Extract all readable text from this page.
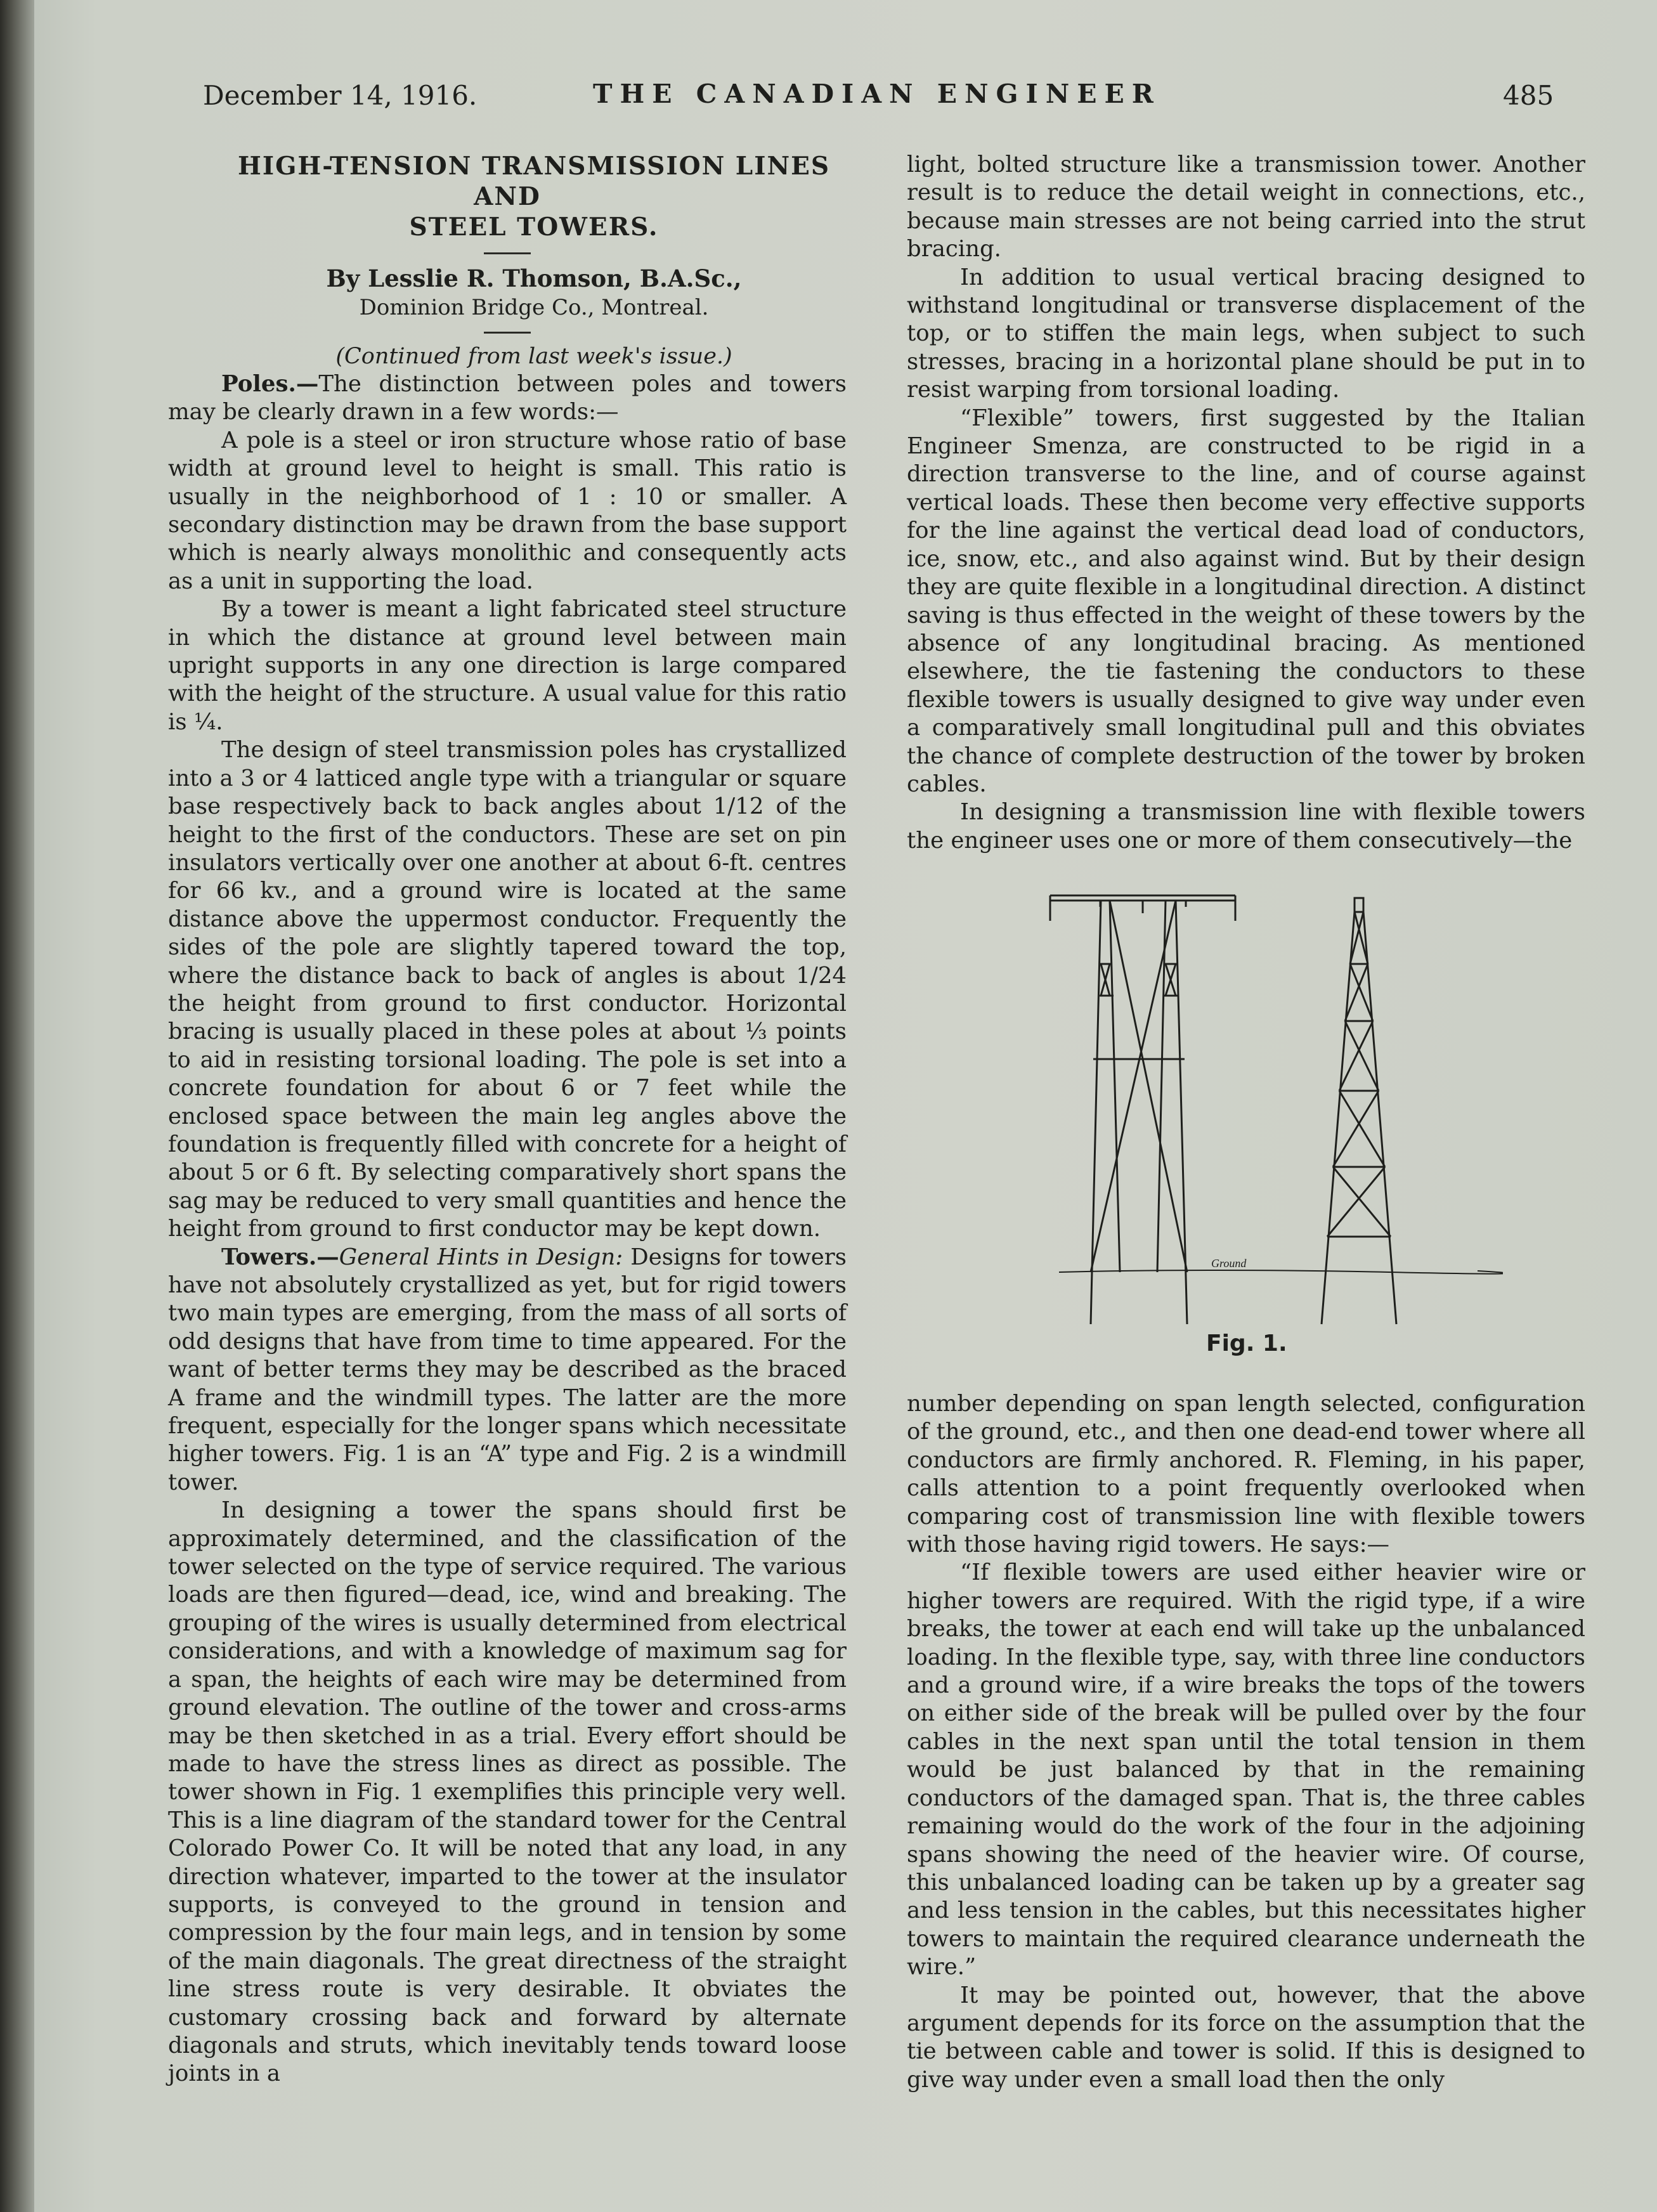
December 14, 1916.	THE CANADIAN ENGINEER	485

HIGH-TENSION TRANSMISSION LINES AND

STEEL TOWERS.

By Lesslie R. Thomson, B.A.Sc.,

Dominion Bridge Co., Montreal.

(Continued from last week's issue.)

Poles.—The distinction between poles and towers may be clearly drawn in a few words:—

A pole is a steel or iron structure whose ratio of base width at ground level to height is small. This ratio is usually in the neighborhood of 1 : 10 or smaller. A secondary distinction may be drawn from the base support which is nearly always monolithic and consequently acts as a unit in supporting the load.

By a tower is meant a light fabricated steel structure in which the distance at ground level between main upright supports in any one direction is large compared with the height of the structure. A usual value for this ratio is ¼.

The design of steel transmission poles has crystallized into a 3 or 4 latticed angle type with a triangular or square base respectively back to back angles about 1/12 of the height to the first of the conductors. These are set on pin insulators vertically over one another at about 6-ft. centres for 66 kv., and a ground wire is located at the same distance above the uppermost conductor. Frequently the sides of the pole are slightly tapered toward the top, where the distance back to back of angles is about 1/24 the height from ground to first conductor. Horizontal bracing is usually placed in these poles at about ⅓ points to aid in resisting torsional loading. The pole is set into a concrete foundation for about 6 or 7 feet while the enclosed space between the main leg angles above the foundation is frequently filled with concrete for a height of about 5 or 6 ft. By selecting comparatively short spans the sag may be reduced to very small quantities and hence the height from ground to first conductor may be kept down.

Towers.—General Hints in Design: Designs for towers have not absolutely crystallized as yet, but for rigid towers two main types are emerging, from the mass of all sorts of odd designs that have from time to time appeared. For the want of better terms they may be described as the braced A frame and the windmill types. The latter are the more frequent, especially for the longer spans which necessitate higher towers. Fig. 1 is an “A” type and Fig. 2 is a windmill tower.

In designing a tower the spans should first be approximately determined, and the classification of the tower selected on the type of service required. The various loads are then figured—dead, ice, wind and breaking. The grouping of the wires is usually determined from electrical considerations, and with a knowledge of maximum sag for a span, the heights of each wire may be determined from ground elevation. The outline of the tower and cross-arms may be then sketched in as a trial. Every effort should be made to have the stress lines as direct as possible. The tower shown in Fig. 1 exemplifies this principle very well. This is a line diagram of the standard tower for the Central Colorado Power Co. It will be noted that any load, in any direction whatever, imparted to the tower at the insulator supports, is conveyed to the ground in tension and compression by the four main legs, and in tension by some of the main diagonals. The great directness of the straight line stress route is very desirable. It obviates the customary crossing back and forward by alternate diagonals and struts, which inevitably tends toward loose joints in a

light, bolted structure like a transmission tower. Another result is to reduce the detail weight in connections, etc., because main stresses are not being carried into the strut bracing.

In addition to usual vertical bracing designed to withstand longitudinal or transverse displacement of the top, or to stiffen the main legs, when subject to such stresses, bracing in a horizontal plane should be put in to resist warping from torsional loading.

“Flexible” towers, first suggested by the Italian Engineer Smenza, are constructed to be rigid in a direction transverse to the line, and of course against vertical loads. These then become very effective supports for the line against the vertical dead load of conductors, ice, snow, etc., and also against wind. But by their design they are quite flexible in a longitudinal direction. A distinct saving is thus effected in the weight of these towers by the absence of any longitudinal bracing. As mentioned elsewhere, the tie fastening the conductors to these flexible towers is usually designed to give way under even a comparatively small longitudinal pull and this obviates the chance of complete destruction of the tower by broken cables.

In designing a transmission line with flexible towers the engineer uses one or more of them consecutively—the

Ground
Fig. 1.

number depending on span length selected, configuration of the ground, etc., and then one dead-end tower where all conductors are firmly anchored. R. Fleming, in his paper, calls attention to a point frequently overlooked when comparing cost of transmission line with flexible towers with those having rigid towers. He says:—

“If flexible towers are used either heavier wire or higher towers are required. With the rigid type, if a wire breaks, the tower at each end will take up the unbalanced loading. In the flexible type, say, with three line conductors and a ground wire, if a wire breaks the tops of the towers on either side of the break will be pulled over by the four cables in the next span until the total tension in them would be just balanced by that in the remaining conductors of the damaged span. That is, the three cables remaining would do the work of the four in the adjoining spans showing the need of the heavier wire. Of course, this unbalanced loading can be taken up by a greater sag and less tension in the cables, but this necessitates higher towers to maintain the required clearance underneath the wire.”

It may be pointed out, however, that the above argument depends for its force on the assumption that the tie between cable and tower is solid. If this is designed to give way under even a small load then the only
